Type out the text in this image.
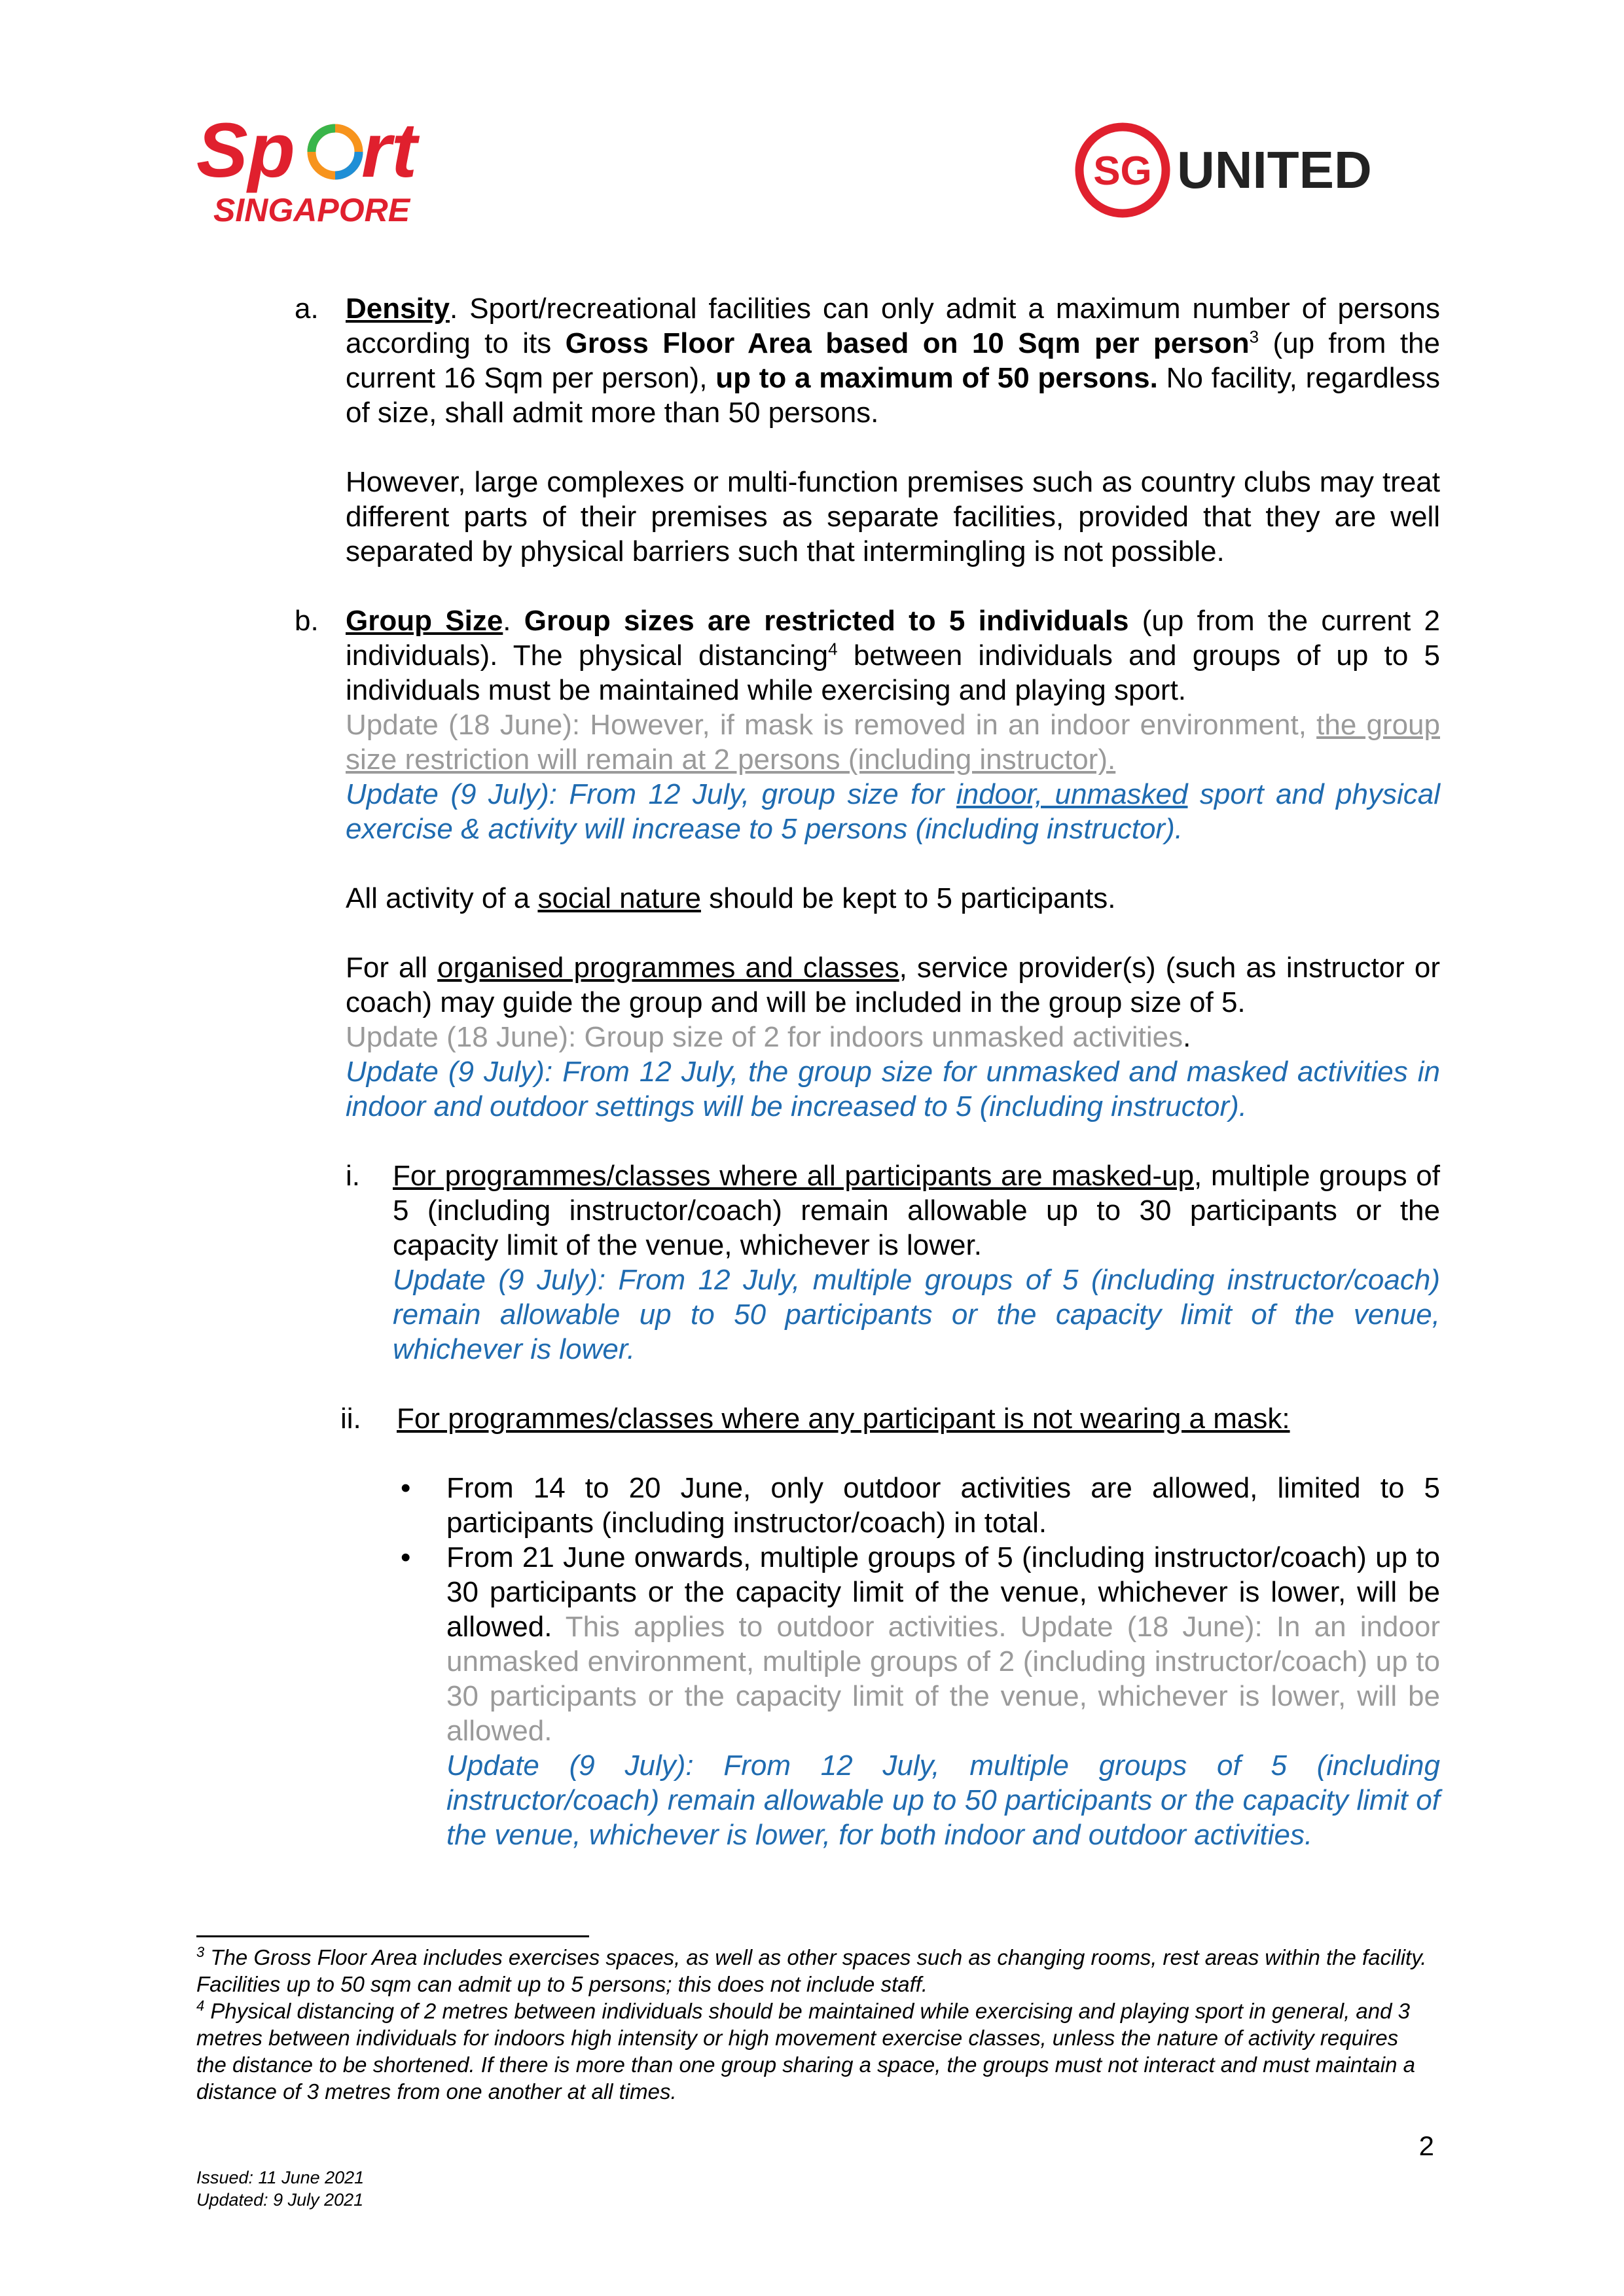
Sp rt
SINGAPORE
SG UNITED
a. Density. Sport/recreational facilities can only admit a maximum number of persons according to its Gross Floor Area based on 10 Sqm per person$^3$ (up from the current 16 Sqm per person), up to a maximum of 50 persons. No facility, regardless of size, shall admit more than 50 persons.

However, large complexes or multi-function premises such as country clubs may treat different parts of their premises as separate facilities, provided that they are well separated by physical barriers such that intermingling is not possible.

b. Group Size. Group sizes are restricted to 5 individuals (up from the current 2 individuals). The physical distancing$^4$ between individuals and groups of up to 5 individuals must be maintained while exercising and playing sport.
Update (18 June): However, if mask is removed in an indoor environment, the group size restriction will remain at 2 persons (including instructor).
Update (9 July): From 12 July, group size for indoor, unmasked sport and physical exercise & activity will increase to 5 persons (including instructor).

All activity of a social nature should be kept to 5 participants.

For all organised programmes and classes, service provider(s) (such as instructor or coach) may guide the group and will be included in the group size of 5.
Update (18 June): Group size of 2 for indoors unmasked activities.
Update (9 July): From 12 July, the group size for unmasked and masked activities in indoor and outdoor settings will be increased to 5 (including instructor).

i. For programmes/classes where all participants are masked-up, multiple groups of 5 (including instructor/coach) remain allowable up to 30 participants or the capacity limit of the venue, whichever is lower.
Update (9 July): From 12 July, multiple groups of 5 (including instructor/coach) remain allowable up to 50 participants or the capacity limit of the venue, whichever is lower.

ii. For programmes/classes where any participant is not wearing a mask:

• From 14 to 20 June, only outdoor activities are allowed, limited to 5 participants (including instructor/coach) in total.

• From 21 June onwards, multiple groups of 5 (including instructor/coach) up to 30 participants or the capacity limit of the venue, whichever is lower, will be allowed. This applies to outdoor activities. Update (18 June): In an indoor unmasked environment, multiple groups of 2 (including instructor/coach) up to 30 participants or the capacity limit of the venue, whichever is lower, will be allowed.
Update (9 July): From 12 July, multiple groups of 5 (including instructor/coach) remain allowable up to 50 participants or the capacity limit of the venue, whichever is lower, for both indoor and outdoor activities.

$^3$ The Gross Floor Area includes exercises spaces, as well as other spaces such as changing rooms, rest areas within the facility. Facilities up to 50 sqm can admit up to 5 persons; this does not include staff.
$^4$ Physical distancing of 2 metres between individuals should be maintained while exercising and playing sport in general, and 3 metres between individuals for indoors high intensity or high movement exercise classes, unless the nature of activity requires the distance to be shortened. If there is more than one group sharing a space, the groups must not interact and must maintain a distance of 3 metres from one another at all times.
2
Issued: 11 June 2021
Updated: 9 July 2021
